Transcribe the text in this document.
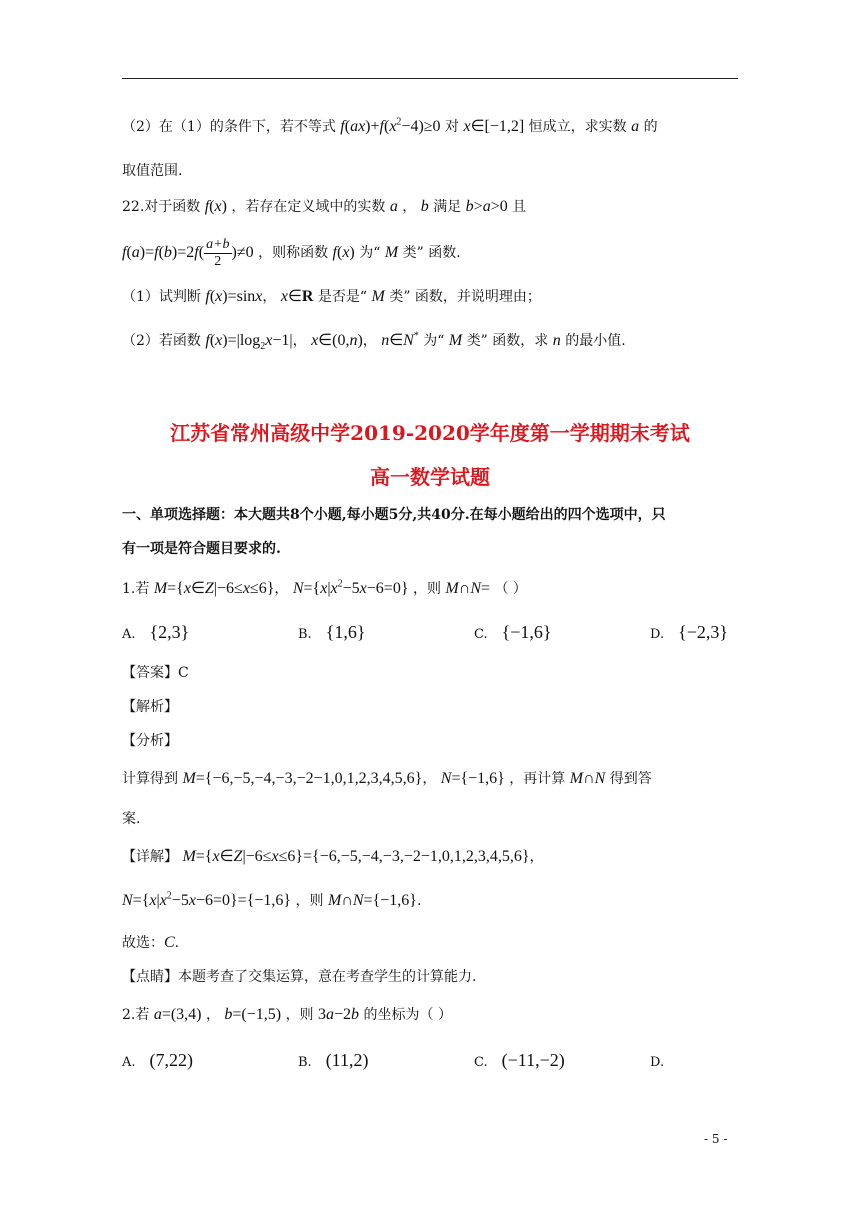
（2）在（1）的条件下，若不等式 $f(ax)+f(x^2-4)\ge 0$ 对 x∈[−1,2] 恒成立，求实数 a 的
取值范围.
22.对于函数 f(x) ，若存在定义域中的实数 a ， b 满足 b>a>0 且
$f(a)=f(b)=2f( \frac{a+b}{2} )\ne 0$ ，则称函数 f(x) 为“ M 类” 函数.
（1）试判断 f(x)=sinx， x∈R 是否是“ M 类” 函数，并说明理由；
（2）若函数 $f(x)=|\log_2x-1|$， x∈(0,n)， n∈N* 为“ M 类” 函数，求 n 的最小值.
江苏省常州高级中学2019-2020学年度第一学期期末考试
高一数学试题
一、单项选择题：本大题共8个小题,每小题5分,共40分.在每小题给出的四个选项中，只
有一项是符合题目要求的.
1.若 M={x∈Z|−6≤x≤6}， $N=\{x|x^2-5x-6=0\}$ ，则 M∩N= （ ）
A. {2,3}	B. {1,6}	C. {−1,6}	D. {−2,3}
【答案】C
【解析】
【分析】
计算得到 M={−6,−5,−4,−3,−2−1,0,1,2,3,4,5,6}， N={−1,6} ，再计算 M∩N 得到答
案.
【详解】 M={x∈Z|−6≤x≤6}={−6,−5,−4,−3,−2−1,0,1,2,3,4,5,6}，
$N=\{x|x^2-5x-6=0\}=\{-1,6\}$ ，则 M∩N={−1,6}.
故选：C.
【点睛】本题考查了交集运算，意在考查学生的计算能力.
2.若 a=(3,4) ， b=(−1,5) ，则 3a−2b 的坐标为（ ）
A. (7,22)	B. (11,2)	C. (−11,−2)	D.
- 5 -
